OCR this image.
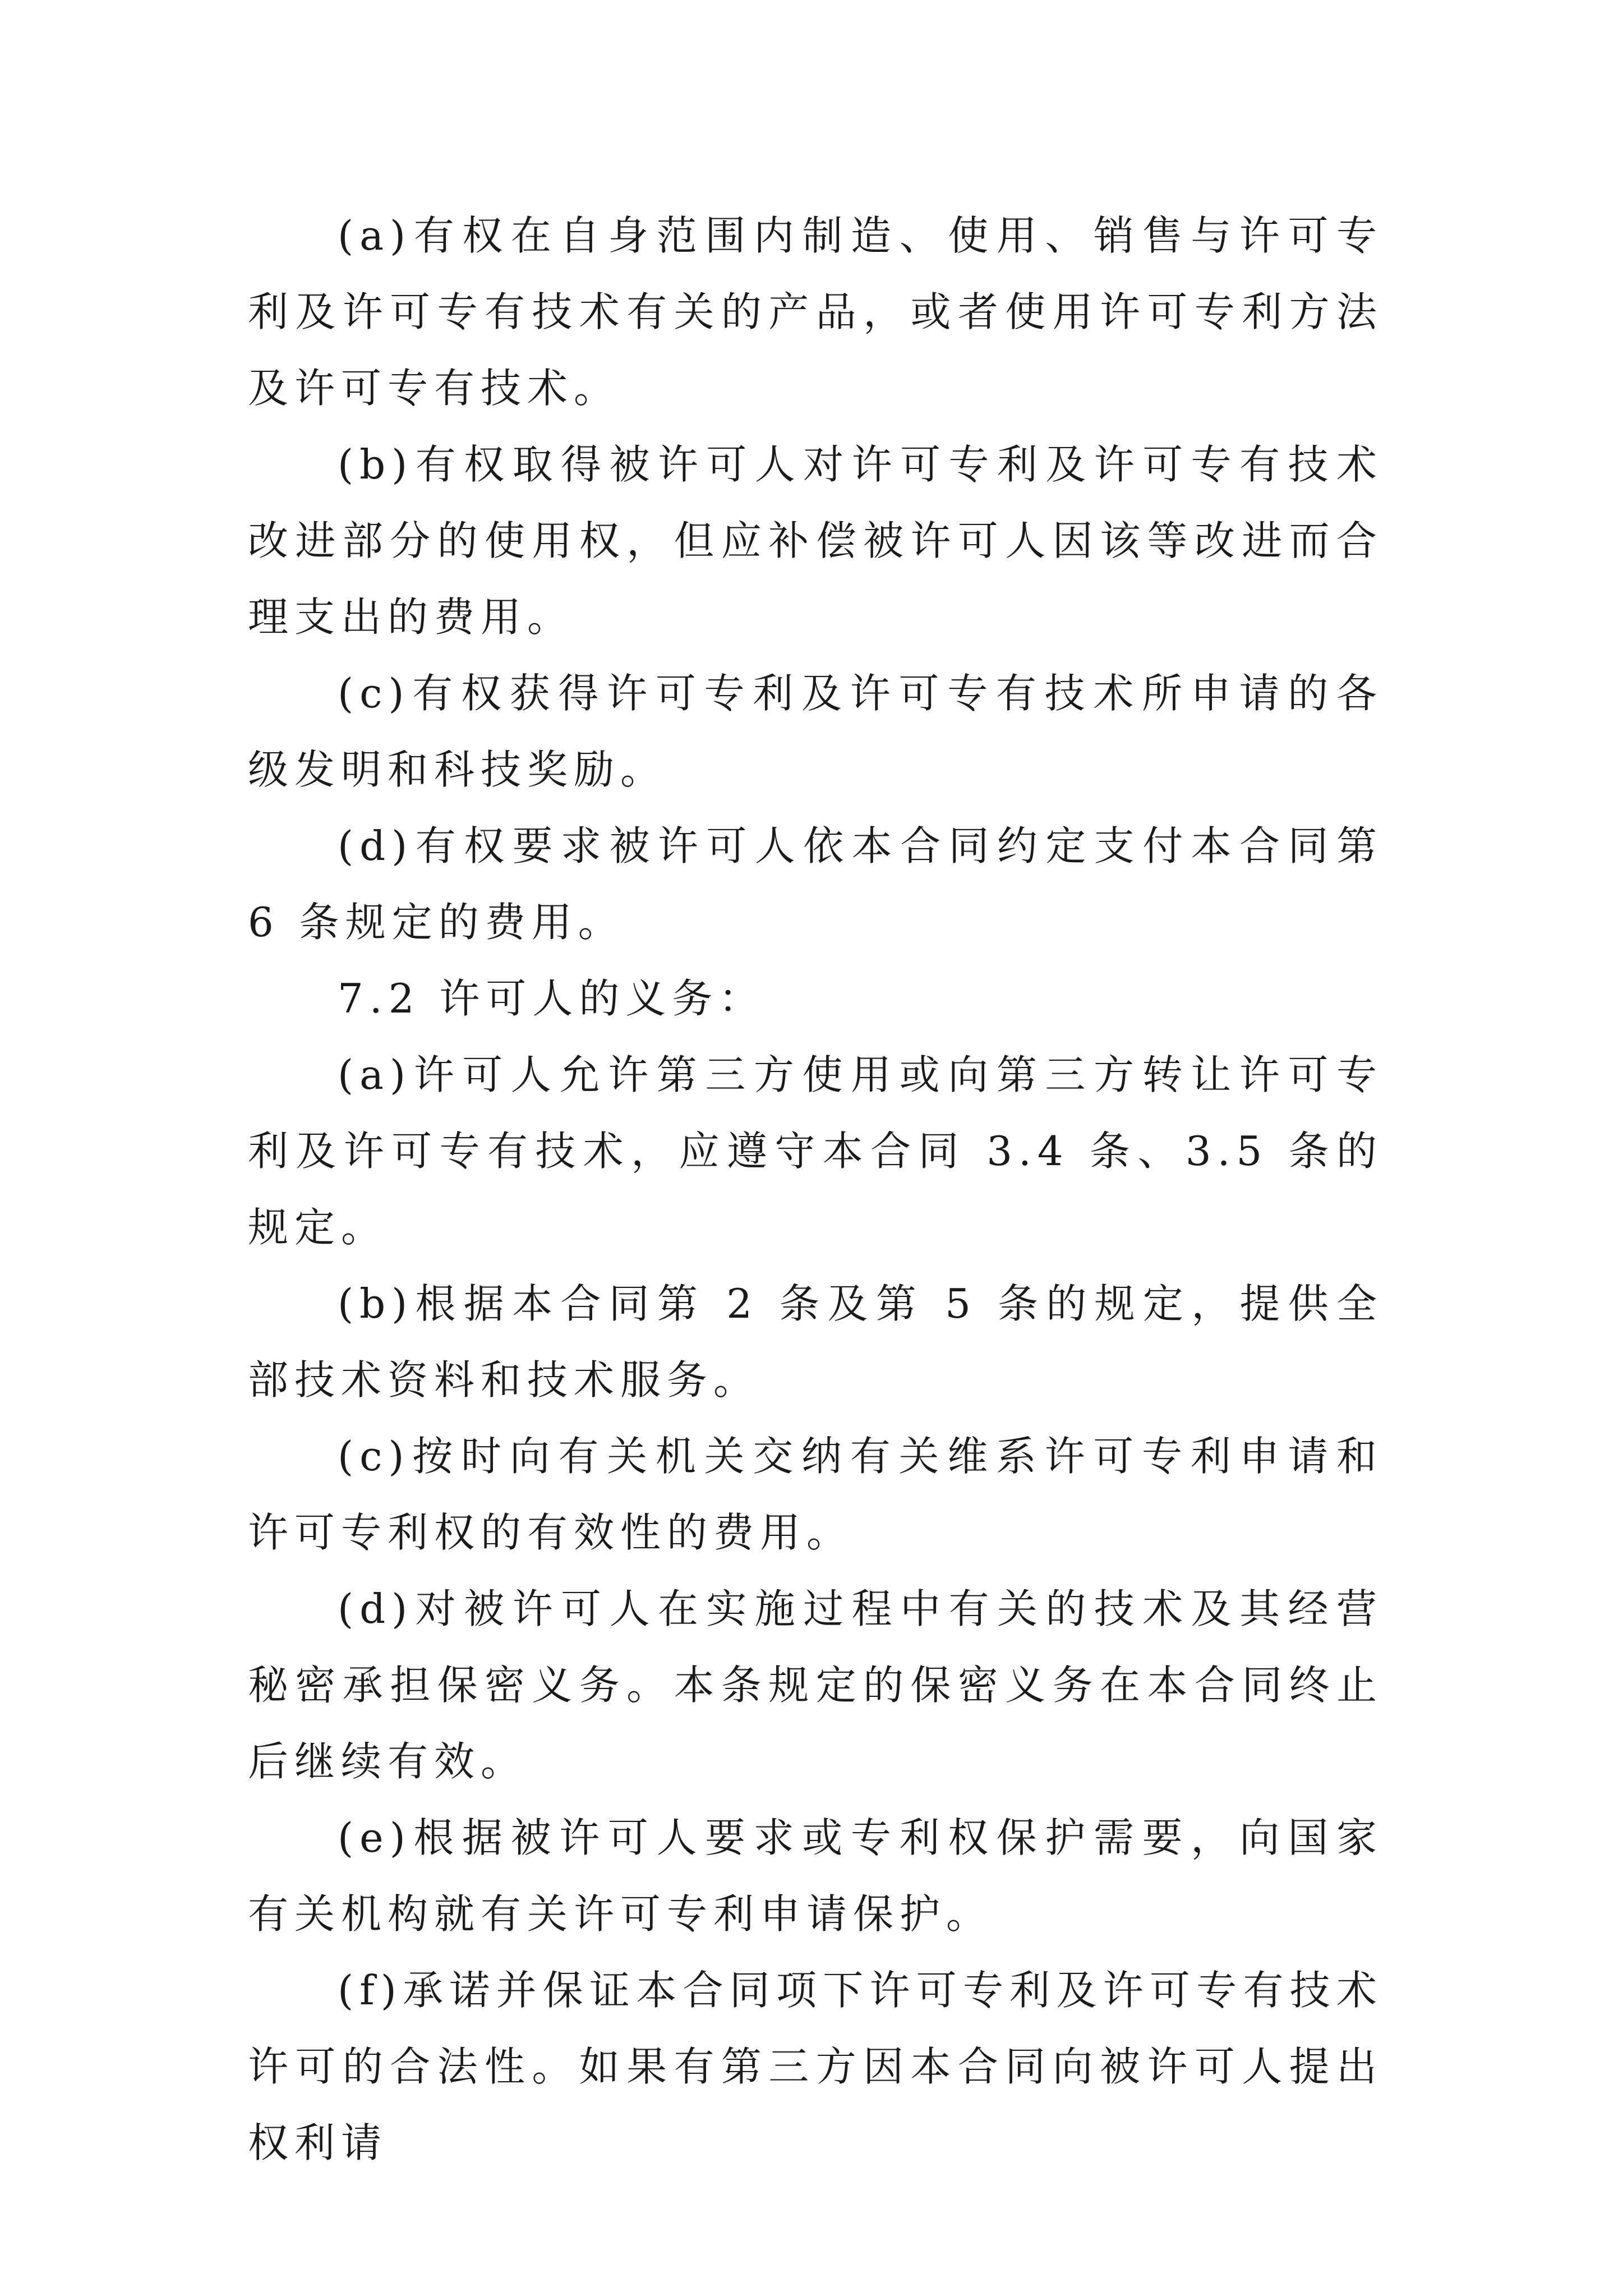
(a)有权在自身范围内制造、使用、销售与许可专利及许可专有技术有关的产品，或者使用许可专利方法及许可专有技术。

(b)有权取得被许可人对许可专利及许可专有技术改进部分的使用权，但应补偿被许可人因该等改进而合理支出的费用。

(c)有权获得许可专利及许可专有技术所申请的各级发明和科技奖励。

(d)有权要求被许可人依本合同约定支付本合同第 6 条规定的费用。

7.2 许可人的义务：

(a)许可人允许第三方使用或向第三方转让许可专利及许可专有技术，应遵守本合同 3.4 条、3.5 条的规定。

(b)根据本合同第 2 条及第 5 条的规定，提供全部技术资料和技术服务。

(c)按时向有关机关交纳有关维系许可专利申请和许可专利权的有效性的费用。

(d)对被许可人在实施过程中有关的技术及其经营秘密承担保密义务。本条规定的保密义务在本合同终止后继续有效。

(e)根据被许可人要求或专利权保护需要，向国家有关机构就有关许可专利申请保护。

(f)承诺并保证本合同项下许可专利及许可专有技术许可的合法性。如果有第三方因本合同向被许可人提出权利请
